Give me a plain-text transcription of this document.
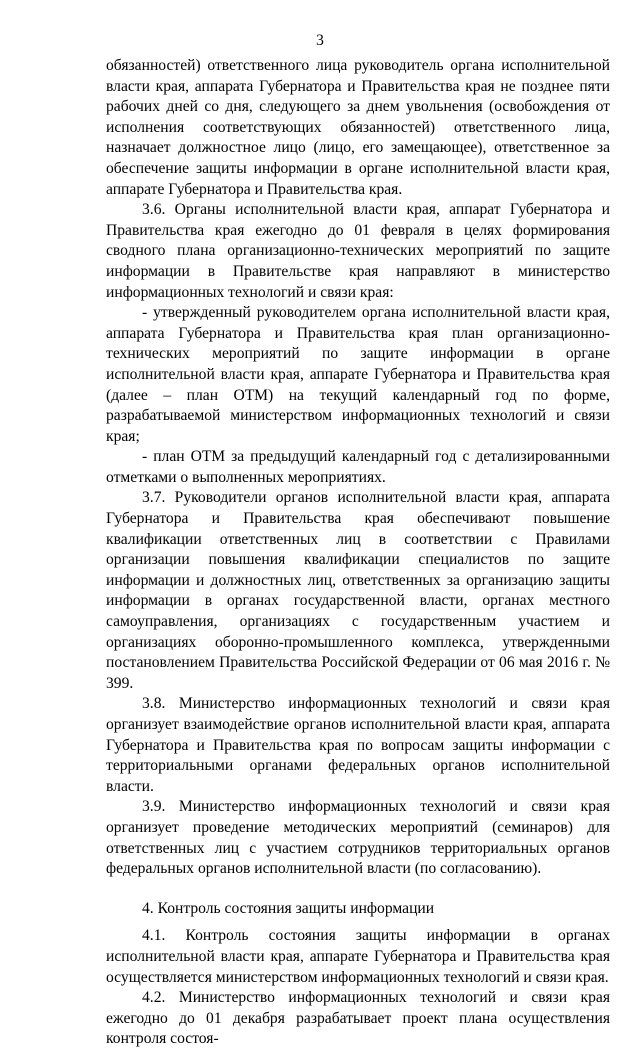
3

обязанностей) ответственного лица руководитель органа исполнительной власти края, аппарата Губернатора и Правительства края не позднее пяти рабочих дней со дня, следующего за днем увольнения (освобождения от исполнения соответствующих обязанностей) ответственного лица, назначает должностное лицо (лицо, его замещающее), ответственное за обеспечение защиты информации в органе исполнительной власти края, аппарате Губернатора и Правительства края.

3.6. Органы исполнительной власти края, аппарат Губернатора и Правительства края ежегодно до 01 февраля в целях формирования сводного плана организационно-технических мероприятий по защите информации в Правительстве края направляют в министерство информационных технологий и связи края:

- утвержденный руководителем органа исполнительной власти края, аппарата Губернатора и Правительства края план организационно-технических мероприятий по защите информации в органе исполнительной власти края, аппарате Губернатора и Правительства края (далее – план ОТМ) на текущий календарный год по форме, разрабатываемой министерством информационных технологий и связи края;

- план ОТМ за предыдущий календарный год с детализированными отметками о выполненных мероприятиях.

3.7. Руководители органов исполнительной власти края, аппарата Губернатора и Правительства края обеспечивают повышение квалификации ответственных лиц в соответствии с Правилами организации повышения квалификации специалистов по защите информации и должностных лиц, ответственных за организацию защиты информации в органах государственной власти, органах местного самоуправления, организациях с государственным участием и организациях оборонно-промышленного комплекса, утвержденными постановлением Правительства Российской Федерации от 06 мая 2016 г. № 399.

3.8. Министерство информационных технологий и связи края организует взаимодействие органов исполнительной власти края, аппарата Губернатора и Правительства края по вопросам защиты информации с территориальными органами федеральных органов исполнительной власти.

3.9. Министерство информационных технологий и связи края организует проведение методических мероприятий (семинаров) для ответственных лиц с участием сотрудников территориальных органов федеральных органов исполнительной власти (по согласованию).

4. Контроль состояния защиты информации

4.1. Контроль состояния защиты информации в органах исполнительной власти края, аппарате Губернатора и Правительства края осуществляется министерством информационных технологий и связи края.

4.2. Министерство информационных технологий и связи края ежегодно до 01 декабря разрабатывает проект плана осуществления контроля состоя-
